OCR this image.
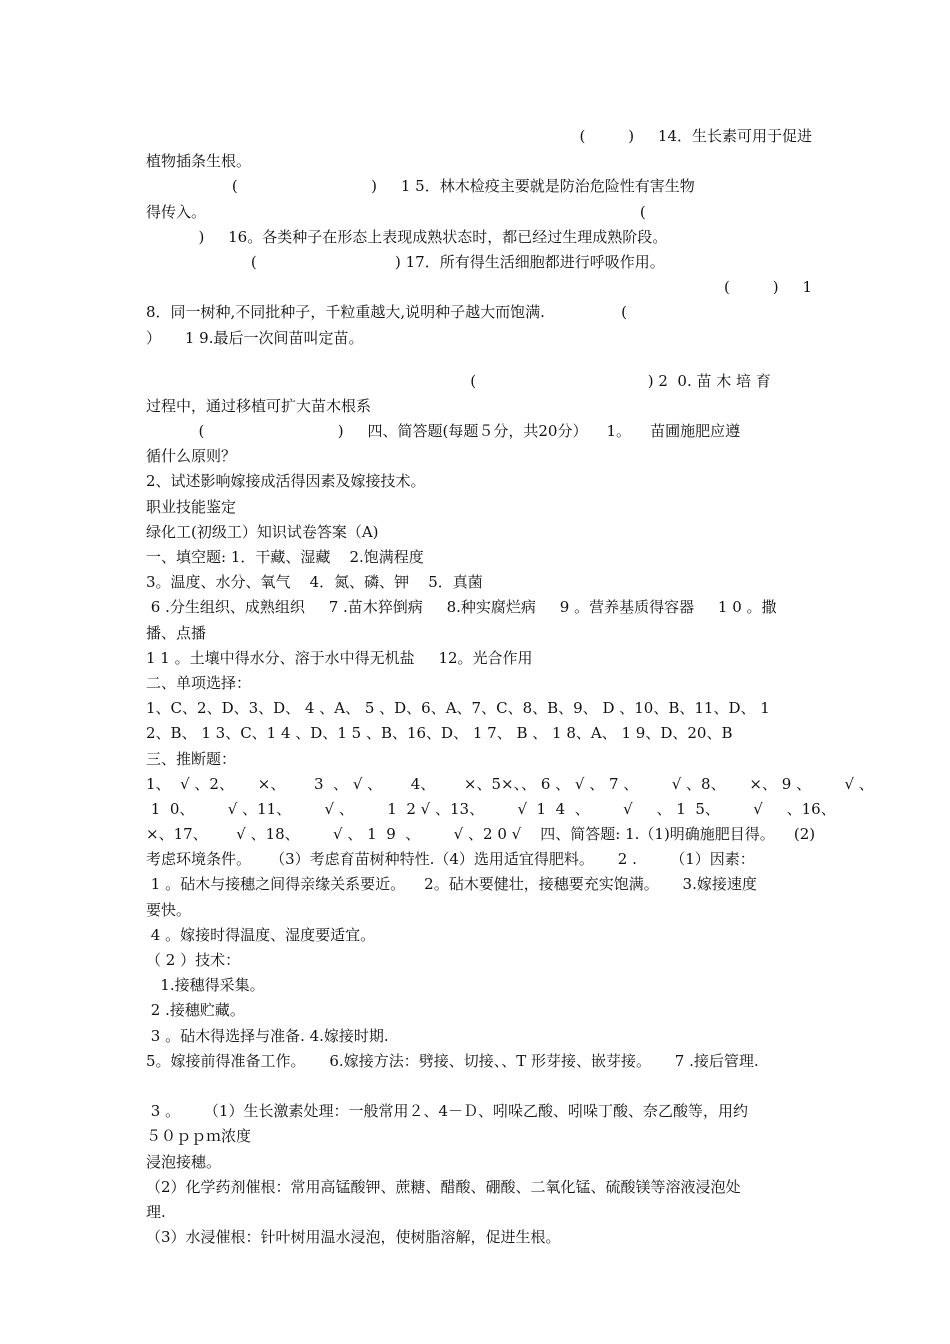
(         )     14．生长素可用于促进
植物插条生根。
(                            )     1 5．林木检疫主要就是防治危险性有害生物
得传入。                                                                                           (
)     16。各类种子在形态上表现成熟状态时，都已经过生理成熟阶段。
(                             ) 17．所有得生活细胞都进行呼吸作用。
(         )     1
8．同一树种,不同批种子，千粒重越大,说明种子越大而饱满.                (
）     1 9.最后一次间苗叫定苗。
(                                    ) 2  0. 苗 木 培 育
过程中，通过移植可扩大苗木根系
(                            )     四、简答题(每题５分，共20分）    1。    苗圃施肥应遵
循什么原则？
2、试述影响嫁接成活得因素及嫁接技术。
职业技能鉴定
绿化工(初级工）知识试卷答案（A)
一、填空题: 1．干藏、湿藏    2.饱满程度
3。温度、水分、氧气    4．氮、磷、钾    5．真菌
6 .分生组织、成熟组织     7 .苗木猝倒病     8.种实腐烂病     9 。营养基质得容器     1 0 。撒
播、点播
1 1 。土壤中得水分、溶于水中得无机盐     12。光合作用
二、单项选择：
1、C、2、D、3、D、 4 、A、 5 、D、6、A、7、C、8、B、9、 D 、10、B、11、D、 1
2、B、 1 3、C、1 4 、D、1 5 、B、16、D、 1 7、 B 、 1 8、A、 1 9、D、20、B
三、推断题：
1、  √ 、2、     ×、      3  、 √ 、      4、      ×、5×、、 6 、 √ 、 7 、       √ 、8、     ×、 9 、       √ 、
1  0、       √ 、11、       √ 、       1  2 √ 、13、       √  1  4  、       √     、 1  5、       √     、16、
×、17、      √ 、18、       √ 、 1  9  、       √ 、2 0 √    四、简答题: 1.（1)明确施肥目得。    (2)
考虑环境条件。    （3）考虑育苗树种特性.（4）选用适宜得肥料。     2 .       （1）因素：
1 。砧木与接穗之间得亲缘关系要近。    2。砧木要健壮，接穗要充实饱满。     3.嫁接速度
要快。
4 。嫁接时得温度、湿度要适宜。
（ 2 ）技术：
1.接穗得采集。
2 .接穗贮藏。
3 。砧木得选择与准备. 4.嫁接时期.
5。嫁接前得准备工作。     6.嫁接方法：劈接、切接、、T 形芽接、嵌芽接。     7 .接后管理.
3 。     （1）生长激素处理：一般常用２、4－Ｄ、吲哚乙酸、吲哚丁酸、奈乙酸等，用约
５０ｐｐｍ浓度
浸泡接穗。
（2）化学药剂催根：常用高锰酸钾、蔗糖、醋酸、硼酸、二氧化锰、硫酸镁等溶液浸泡处
理.
（3）水浸催根：针叶树用温水浸泡，使树脂溶解，促进生根。
